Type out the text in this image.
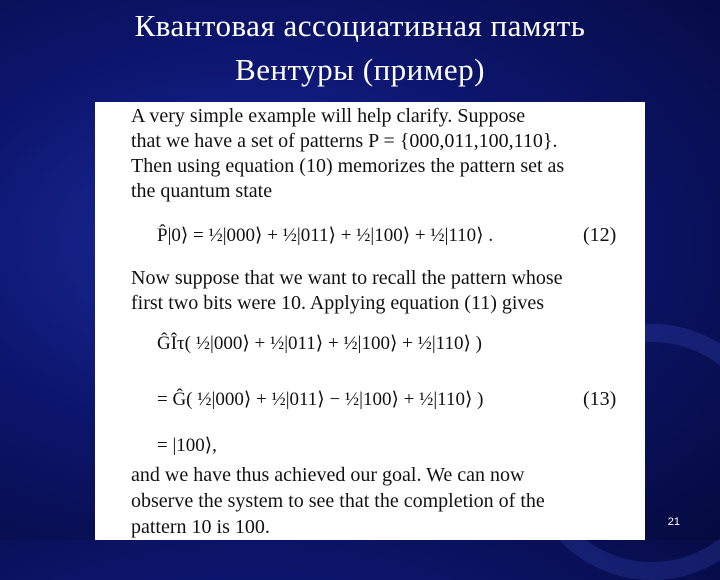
Квантовая ассоциативная память
Вентуры (пример)
A very simple example will help clarify. Suppose
that we have a set of patterns P = {000,011,100,110}.
Then using equation (10) memorizes the pattern set as
the quantum state
P̂|0⟩ = ½|000⟩ + ½|011⟩ + ½|100⟩ + ½|110⟩ .	(12)
Now suppose that we want to recall the pattern whose
first two bits were 10. Applying equation (11) gives
ĜÎτ( ½|000⟩ + ½|011⟩ + ½|100⟩ + ½|110⟩ )
= Ĝ( ½|000⟩ + ½|011⟩ − ½|100⟩ + ½|110⟩ )	(13)
= |100⟩,
and we have thus achieved our goal. We can now
observe the system to see that the completion of the
pattern 10 is 100.	21
